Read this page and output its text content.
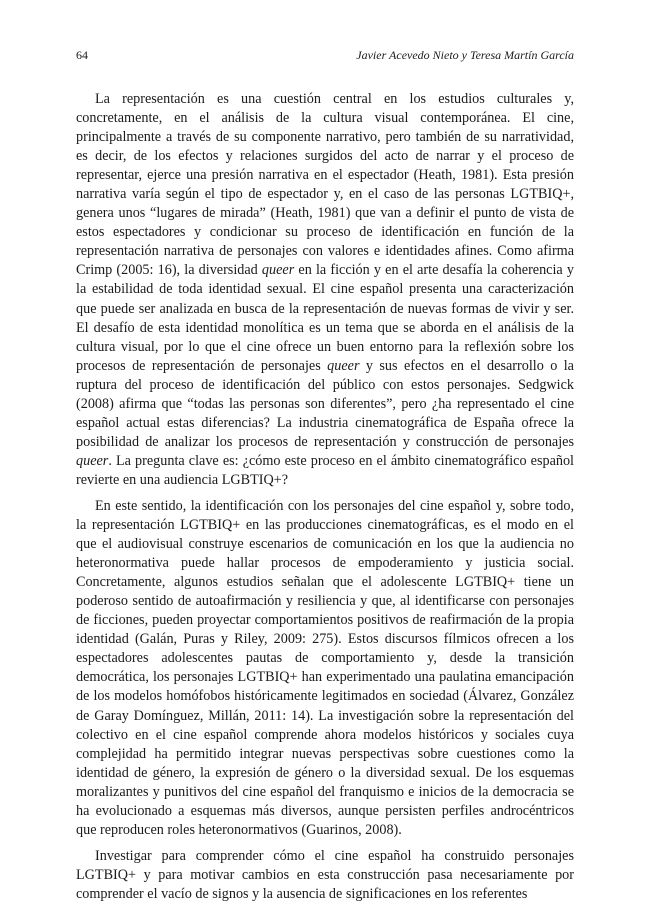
64	Javier Acevedo Nieto y Teresa Martín García

La representación es una cuestión central en los estudios culturales y, concretamente, en el análisis de la cultura visual contemporánea. El cine, principalmente a través de su componente narrativo, pero también de su narratividad, es decir, de los efectos y relaciones surgidos del acto de narrar y el proceso de representar, ejerce una presión narrativa en el espectador (Heath, 1981). Esta presión narrativa varía según el tipo de espectador y, en el caso de las personas LGTBIQ+, genera unos “lugares de mirada” (Heath, 1981) que van a definir el punto de vista de estos espectadores y condicionar su proceso de identificación en función de la representación narrativa de personajes con valores e identidades afines. Como afirma Crimp (2005: 16), la diversidad queer en la ficción y en el arte desafía la coherencia y la estabilidad de toda identidad sexual. El cine español presenta una caracterización que puede ser analizada en busca de la representación de nuevas formas de vivir y ser. El desafío de esta identidad monolítica es un tema que se aborda en el análisis de la cultura visual, por lo que el cine ofrece un buen entorno para la reflexión sobre los procesos de representación de personajes queer y sus efectos en el desarrollo o la ruptura del proceso de identificación del público con estos personajes. Sedgwick (2008) afirma que “todas las personas son diferentes”, pero ¿ha representado el cine español actual estas diferencias? La industria cinematográfica de España ofrece la posibilidad de analizar los procesos de representación y construcción de personajes queer. La pregunta clave es: ¿cómo este proceso en el ámbito cinematográfico español revierte en una audiencia LGBTIQ+?

En este sentido, la identificación con los personajes del cine español y, sobre todo, la representación LGTBIQ+ en las producciones cinematográficas, es el modo en el que el audiovisual construye escenarios de comunicación en los que la audiencia no heteronormativa puede hallar procesos de empoderamiento y justicia social. Concretamente, algunos estudios señalan que el adolescente LGTBIQ+ tiene un poderoso sentido de autoafirmación y resiliencia y que, al identificarse con personajes de ficciones, pueden proyectar comportamientos positivos de reafirmación de la propia identidad (Galán, Puras y Riley, 2009: 275). Estos discursos fílmicos ofrecen a los espectadores adolescentes pautas de comportamiento y, desde la transición democrática, los personajes LGTBIQ+ han experimentado una paulatina emancipación de los modelos homófobos históricamente legitimados en sociedad (Álvarez, González de Garay Domínguez, Millán, 2011: 14). La investigación sobre la representación del colectivo en el cine español comprende ahora modelos históricos y sociales cuya complejidad ha permitido integrar nuevas perspectivas sobre cuestiones como la identidad de género, la expresión de género o la diversidad sexual. De los esquemas moralizantes y punitivos del cine español del franquismo e inicios de la democracia se ha evolucionado a esquemas más diversos, aunque persisten perfiles androcéntricos que reproducen roles heteronormativos (Guarinos, 2008).

Investigar para comprender cómo el cine español ha construido personajes LGTBIQ+ y para motivar cambios en esta construcción pasa necesariamente por comprender el vacío de signos y la ausencia de significaciones en los referentes
